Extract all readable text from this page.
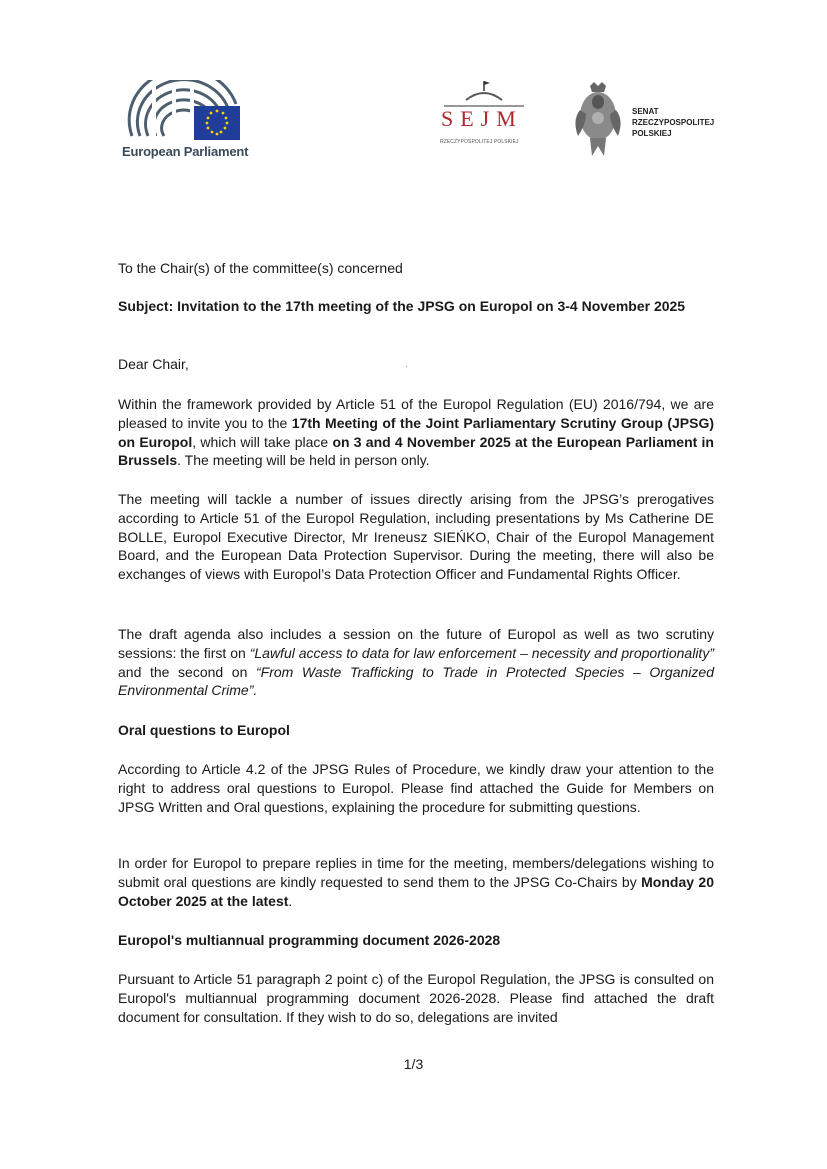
European Parliament
SEJM
RZECZYPOSPOLITEJ POLSKIEJ
SENAT
RZECZYPOSPOLITEJ
POLSKIEJ
To the Chair(s) of the committee(s) concerned
Subject: Invitation to the 17th meeting of the JPSG on Europol on 3-4 November 2025
Dear Chair,	·
Within the framework provided by Article 51 of the Europol Regulation (EU) 2016/794, we are pleased to invite you to the 17th Meeting of the Joint Parliamentary Scrutiny Group (JPSG) on Europol, which will take place on 3 and 4 November 2025 at the European Parliament in Brussels. The meeting will be held in person only.
The meeting will tackle a number of issues directly arising from the JPSG’s prerogatives according to Article 51 of the Europol Regulation, including presentations by Ms Catherine DE BOLLE, Europol Executive Director, Mr Ireneusz SIEŃKO, Chair of the Europol Management Board, and the European Data Protection Supervisor. During the meeting, there will also be exchanges of views with Europol’s Data Protection Officer and Fundamental Rights Officer.
The draft agenda also includes a session on the future of Europol as well as two scrutiny sessions: the first on “Lawful access to data for law enforcement – necessity and proportionality” and the second on “From Waste Trafficking to Trade in Protected Species – Organized Environmental Crime”.
Oral questions to Europol
According to Article 4.2 of the JPSG Rules of Procedure, we kindly draw your attention to the right to address oral questions to Europol. Please find attached the Guide for Members on JPSG Written and Oral questions, explaining the procedure for submitting questions.
In order for Europol to prepare replies in time for the meeting, members/delegations wishing to submit oral questions are kindly requested to send them to the JPSG Co-Chairs by Monday 20 October 2025 at the latest.
Europol's multiannual programming document 2026-2028
Pursuant to Article 51 paragraph 2 point c) of the Europol Regulation, the JPSG is consulted on Europol's multiannual programming document 2026-2028. Please find attached the draft document for consultation. If they wish to do so, delegations are invited
1/3
